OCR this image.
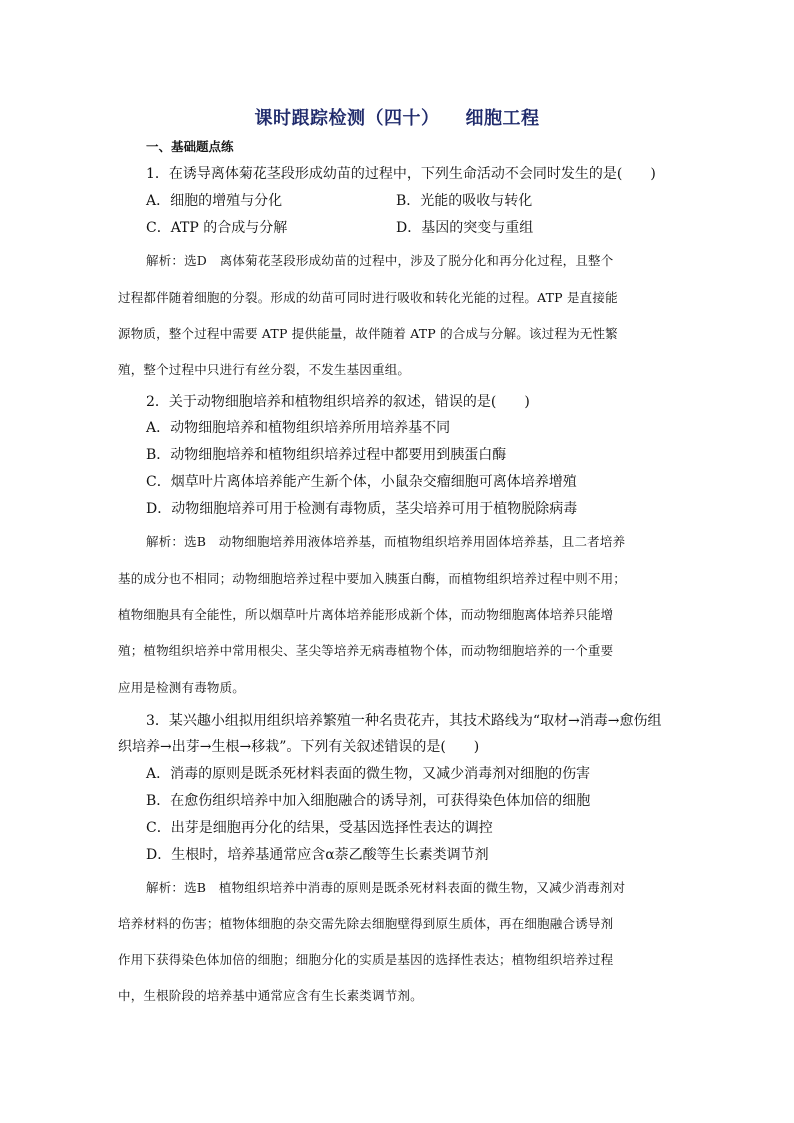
课时跟踪检测（四十） 细胞工程
一、基础题点练
1．在诱导离体菊花茎段形成幼苗的过程中，下列生命活动不会同时发生的是(　　)
A．细胞的增殖与分化	B．光能的吸收与转化
C．ATP 的合成与分解	D．基因的突变与重组
解析：选D　离体菊花茎段形成幼苗的过程中，涉及了脱分化和再分化过程，且整个
过程都伴随着细胞的分裂。形成的幼苗可同时进行吸收和转化光能的过程。ATP 是直接能
源物质，整个过程中需要 ATP 提供能量，故伴随着 ATP 的合成与分解。该过程为无性繁
殖，整个过程中只进行有丝分裂，不发生基因重组。
2．关于动物细胞培养和植物组织培养的叙述，错误的是(　　)
A．动物细胞培养和植物组织培养所用培养基不同
B．动物细胞培养和植物组织培养过程中都要用到胰蛋白酶
C．烟草叶片离体培养能产生新个体，小鼠杂交瘤细胞可离体培养增殖
D．动物细胞培养可用于检测有毒物质，茎尖培养可用于植物脱除病毒
解析：选B　动物细胞培养用液体培养基，而植物组织培养用固体培养基，且二者培养
基的成分也不相同；动物细胞培养过程中要加入胰蛋白酶，而植物组织培养过程中则不用；
植物细胞具有全能性，所以烟草叶片离体培养能形成新个体，而动物细胞离体培养只能增
殖；植物组织培养中常用根尖、茎尖等培养无病毒植物个体，而动物细胞培养的一个重要
应用是检测有毒物质。
3．某兴趣小组拟用组织培养繁殖一种名贵花卉，其技术路线为“取材→消毒→愈伤组
织培养→出芽→生根→移栽”。下列有关叙述错误的是(　　)
A．消毒的原则是既杀死材料表面的微生物，又减少消毒剂对细胞的伤害
B．在愈伤组织培养中加入细胞融合的诱导剂，可获得染色体加倍的细胞
C．出芽是细胞再分化的结果，受基因选择性表达的调控
D．生根时，培养基通常应含α萘乙酸等生长素类调节剂
解析：选B　植物组织培养中消毒的原则是既杀死材料表面的微生物，又减少消毒剂对
培养材料的伤害；植物体细胞的杂交需先除去细胞壁得到原生质体，再在细胞融合诱导剂
作用下获得染色体加倍的细胞；细胞分化的实质是基因的选择性表达；植物组织培养过程
中，生根阶段的培养基中通常应含有生长素类调节剂。
